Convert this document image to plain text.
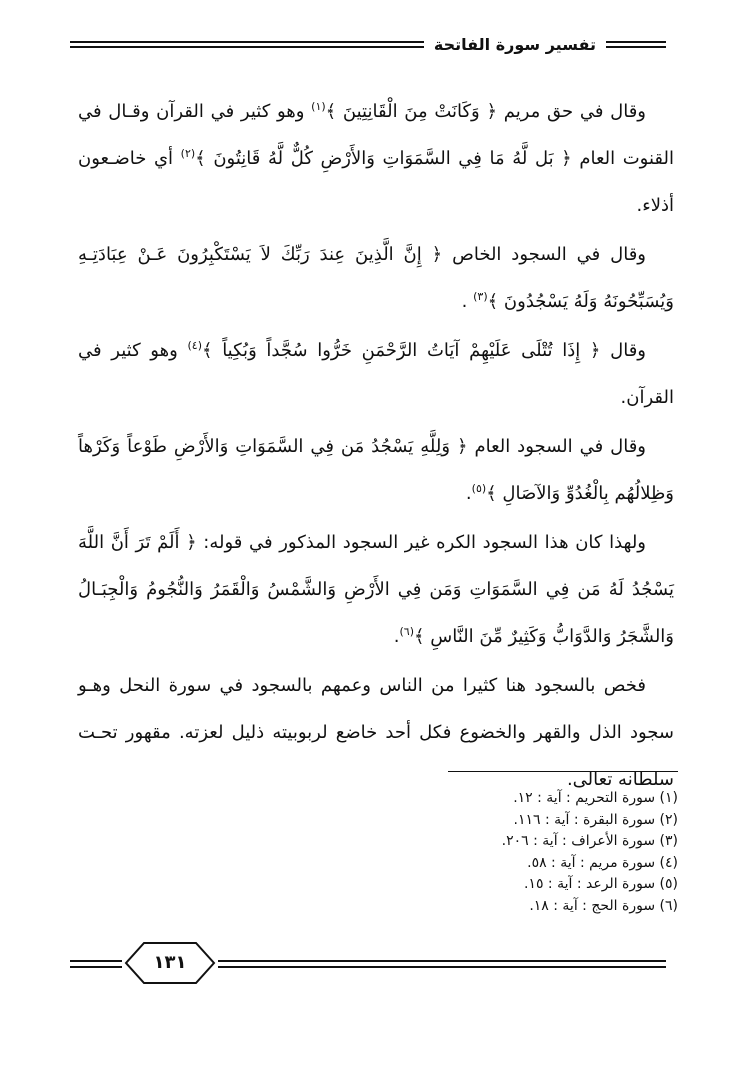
تفسير سورة الفاتحة

وقال في حق مريم ﴿ وَكَانَتْ مِنَ الْقَانِتِينَ ﴾$^{(١)}$ وهو كثير في القرآن وقـال في القنوت العام ﴿ بَل لَّهُ مَا فِي السَّمَوَاتِ وَالأَرْضِ كُلٌّ لَّهُ قَانِتُونَ ﴾$^{(٢)}$ أي خاضـعون أذلاء.

وقال في السجود الخاص ﴿ إِنَّ الَّذِينَ عِندَ رَبِّكَ لاَ يَسْتَكْبِرُونَ عَـنْ عِبَادَتِـهِ وَيُسَبِّحُونَهُ وَلَهُ يَسْجُدُونَ ﴾$^{(٣)}$ .

وقال ﴿ إِذَا تُتْلَى عَلَيْهِمْ آيَاتُ الرَّحْمَنِ خَرُّوا سُجَّداً وَبُكِياً ﴾$^{(٤)}$ وهو كثير في القرآن.

وقال في السجود العام ﴿ وَلِلَّهِ يَسْجُدُ مَن فِي السَّمَوَاتِ وَالأَرْضِ طَوْعاً وَكَرْهاً وَظِلالُهُم بِالْغُدُوِّ وَالآصَالِ ﴾$^{(٥)}$.

ولهذا كان هذا السجود الكره غير السجود المذكور في قوله: ﴿ أَلَمْ تَرَ أَنَّ اللَّهَ يَسْجُدُ لَهُ مَن فِي السَّمَوَاتِ وَمَن فِي الأَرْضِ وَالشَّمْسُ وَالْقَمَرُ وَالنُّجُومُ وَالْجِبَـالُ وَالشَّجَرُ وَالدَّوَابُّ وَكَثِيرٌ مِّنَ النَّاسِ ﴾$^{(٦)}$.

فخص بالسجود هنا كثيرا من الناس وعمهم بالسجود في سورة النحل وهـو سجود الذل والقهر والخضوع فكل أحد خاضع لربوبيته ذليل لعزته. مقهور تحـت سلطانه تعالى.

(١) سورة التحريم : آية : ١٢.
(٢) سورة البقرة : آية : ١١٦.
(٣) سورة الأعراف : آية : ٢٠٦.
(٤) سورة مريم : آية : ٥٨.
(٥) سورة الرعد : آية : ١٥.
(٦) سورة الحج : آية : ١٨.
١٣١
